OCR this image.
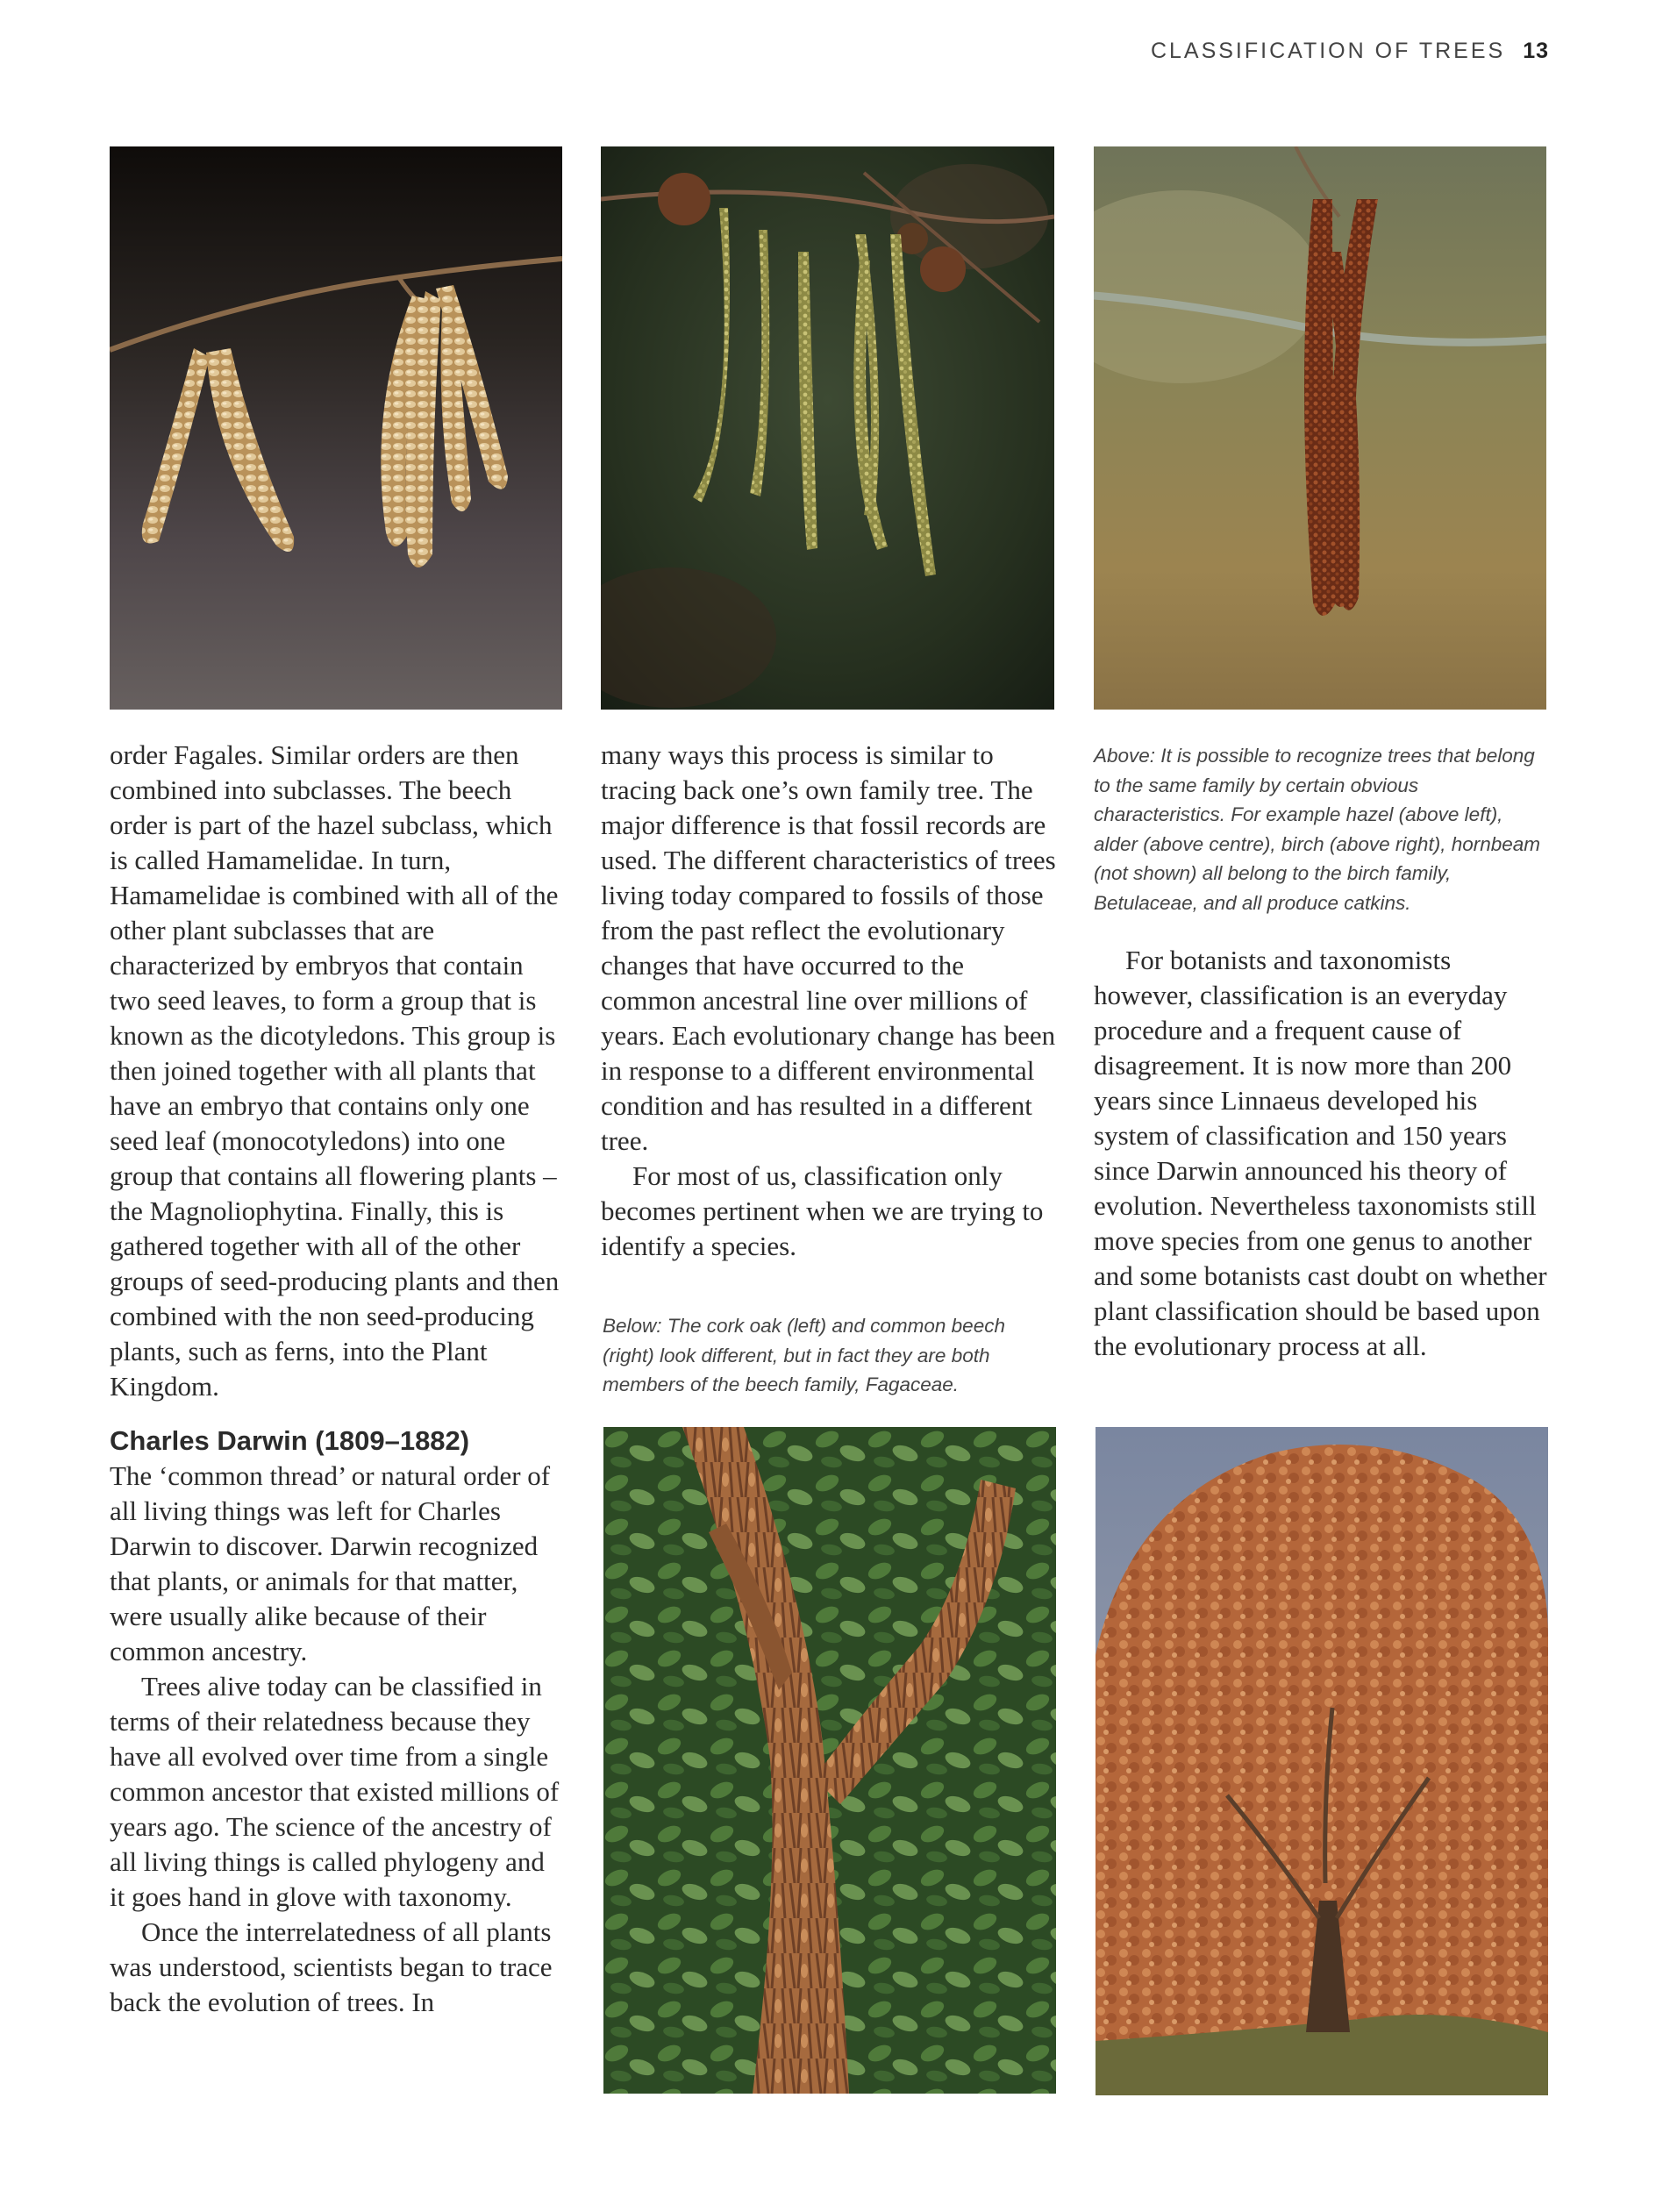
CLASSIFICATION OF TREES 13

order Fagales. Similar orders are then combined into subclasses. The beech order is part of the hazel subclass, which is called Hamamelidae. In turn, Hamamelidae is combined with all of the other plant subclasses that are characterized by embryos that contain two seed leaves, to form a group that is known as the dicotyledons. This group is then joined together with all plants that have an embryo that contains only one seed leaf (monocotyledons) into one group that contains all flowering plants – the Magnoliophytina. Finally, this is gathered together with all of the other groups of seed-producing plants and then combined with the non seed-producing plants, such as ferns, into the Plant Kingdom.

Charles Darwin (1809–1882)

The ‘common thread’ or natural order of all living things was left for Charles Darwin to discover. Darwin recognized that plants, or animals for that matter, were usually alike because of their common ancestry.

Trees alive today can be classified in terms of their relatedness because they have all evolved over time from a single common ancestor that existed millions of years ago. The science of the ancestry of all living things is called phylogeny and it goes hand in glove with taxonomy.

Once the interrelatedness of all plants was understood, scientists began to trace back the evolution of trees. In

many ways this process is similar to tracing back one’s own family tree. The major difference is that fossil records are used. The different characteristics of trees living today compared to fossils of those from the past reflect the evolutionary changes that have occurred to the common ancestral line over millions of years. Each evolutionary change has been in response to a different environmental condition and has resulted in a different tree.

For most of us, classification only becomes pertinent when we are trying to identify a species.

Above: It is possible to recognize trees that belong to the same family by certain obvious characteristics. For example hazel (above left), alder (above centre), birch (above right), hornbeam (not shown) all belong to the birch family, Betulaceae, and all produce catkins.

For botanists and taxonomists however, classification is an everyday procedure and a frequent cause of disagreement. It is now more than 200 years since Linnaeus developed his system of classification and 150 years since Darwin announced his theory of evolution. Nevertheless taxonomists still move species from one genus to another and some botanists cast doubt on whether plant classification should be based upon the evolutionary process at all.

Below: The cork oak (left) and common beech (right) look different, but in fact they are both members of the beech family, Fagaceae.
